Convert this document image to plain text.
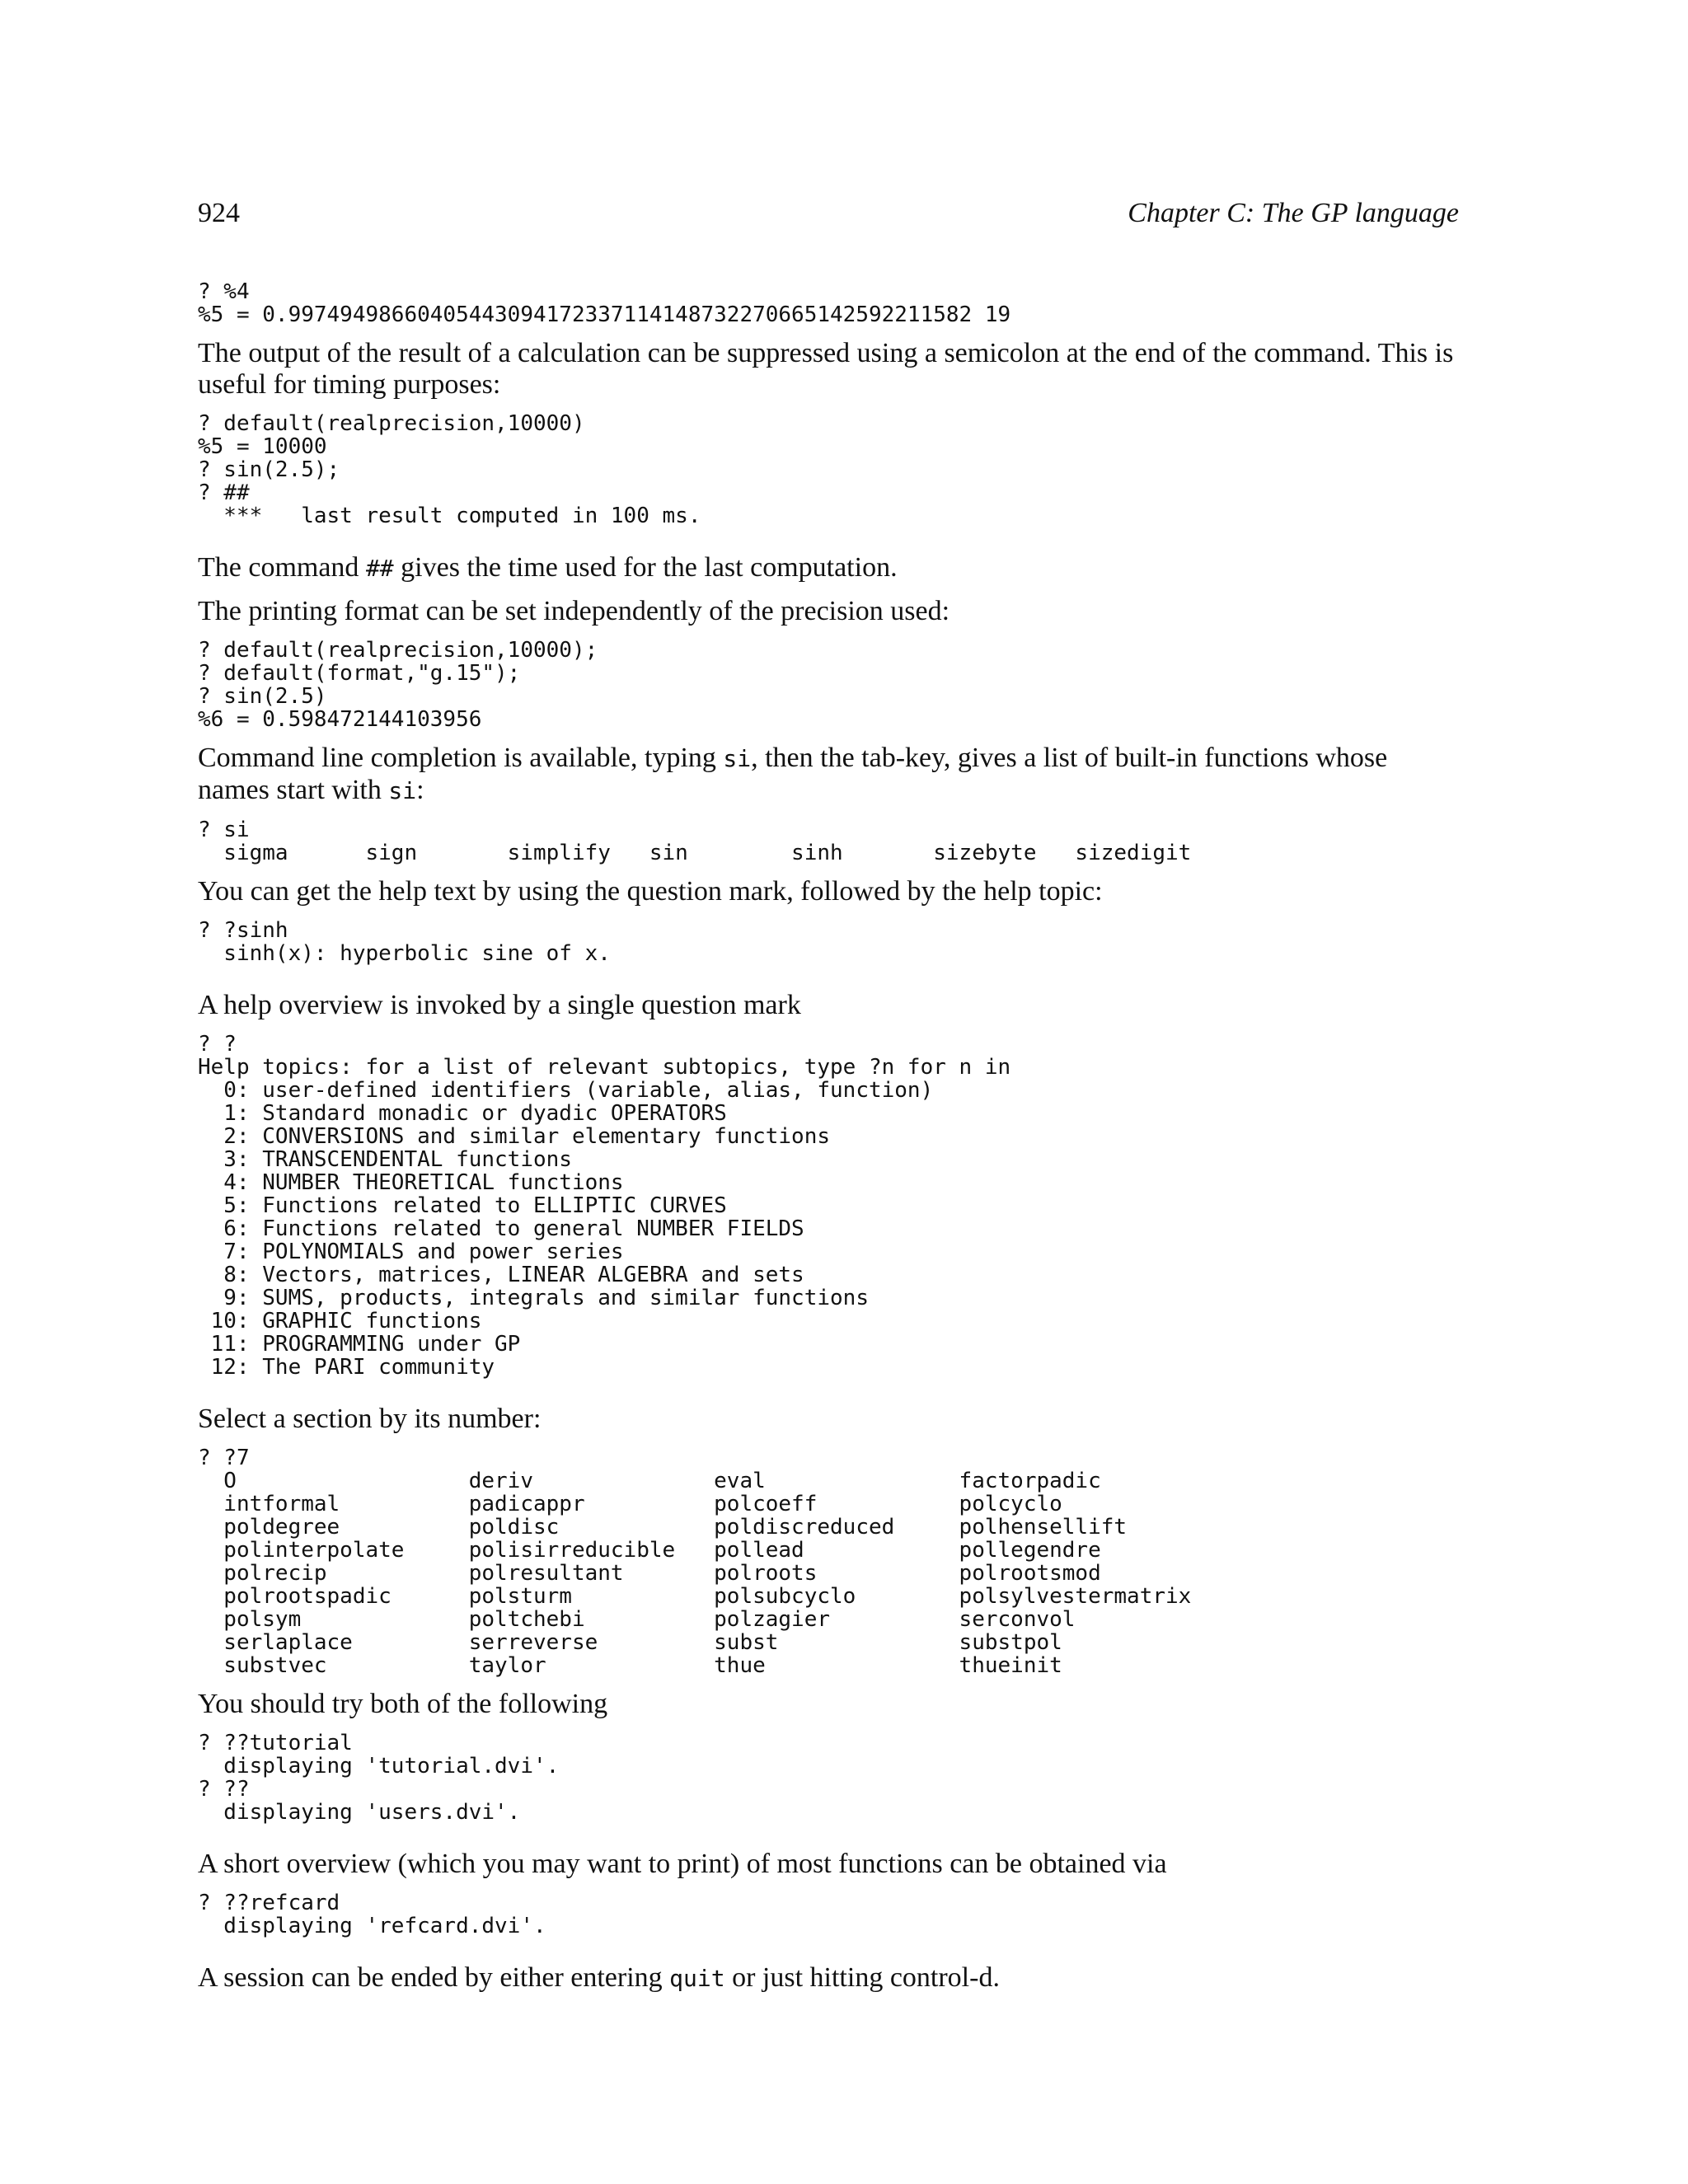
924	Chapter C: The GP language
? %4
%5 = 0.99749498660405443094172337114148732270665142592211582 19

The output of the result of a calculation can be suppressed using a semicolon at the end of the command. This is useful for timing purposes:

? default(realprecision,10000)
%5 = 10000
? sin(2.5);
? ##
***   last result computed in 100 ms.

The command ## gives the time used for the last computation.

The printing format can be set independently of the precision used:

? default(realprecision,10000);
? default(format,"g.15");
? sin(2.5)
%6 = 0.598472144103956

Command line completion is available, typing si, then the tab-key, gives a list of built-in functions whose names start with si:

? si
sigma      sign       simplify   sin        sinh       sizebyte   sizedigit

You can get the help text by using the question mark, followed by the help topic:

? ?sinh
sinh(x): hyperbolic sine of x.

A help overview is invoked by a single question mark

? ?
Help topics: for a list of relevant subtopics, type ?n for n in
0: user-defined identifiers (variable, alias, function)
1: Standard monadic or dyadic OPERATORS
2: CONVERSIONS and similar elementary functions
3: TRANSCENDENTAL functions
4: NUMBER THEORETICAL functions
5: Functions related to ELLIPTIC CURVES
6: Functions related to general NUMBER FIELDS
7: POLYNOMIALS and power series
8: Vectors, matrices, LINEAR ALGEBRA and sets
9: SUMS, products, integrals and similar functions
10: GRAPHIC functions
11: PROGRAMMING under GP
12: The PARI community

Select a section by its number:

? ?7
O                  deriv              eval               factorpadic
intformal          padicappr          polcoeff           polcyclo
poldegree          poldisc            poldiscreduced     polhensellift
polinterpolate     polisirreducible   pollead            pollegendre
polrecip           polresultant       polroots           polrootsmod
polrootspadic      polsturm           polsubcyclo        polsylvestermatrix
polsym             poltchebi          polzagier          serconvol
serlaplace         serreverse         subst              substpol
substvec           taylor             thue               thueinit

You should try both of the following

? ??tutorial
displaying 'tutorial.dvi'.
? ??
displaying 'users.dvi'.

A short overview (which you may want to print) of most functions can be obtained via

? ??refcard
displaying 'refcard.dvi'.

A session can be ended by either entering quit or just hitting control-d.
